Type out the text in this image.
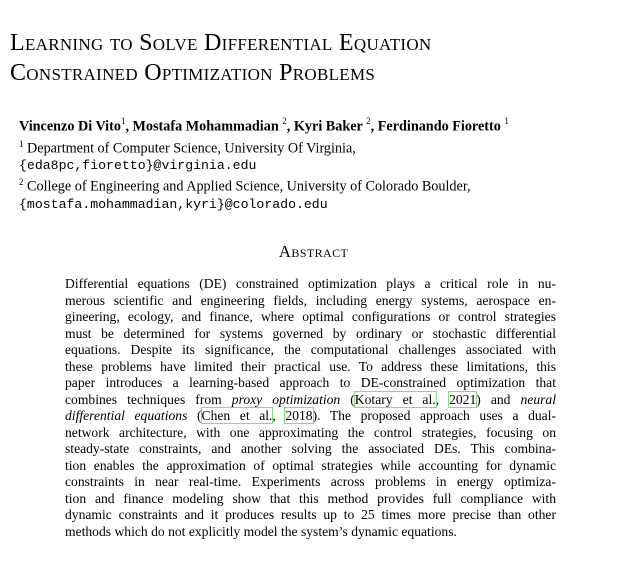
Learning to Solve Differential Equation
Constrained Optimization Problems
Vincenzo Di Vito$^1$, Mostafa Mohammadian $^2$, Kyri Baker $^2$, Ferdinando Fioretto $^1$
$^1$ Department of Computer Science, University Of Virginia,
{eda8pc,fioretto}@virginia.edu
$^2$ College of Engineering and Applied Science, University of Colorado Boulder,
{mostafa.mohammadian,kyri}@colorado.edu
Abstract
Differential equations (DE) constrained optimization plays a critical role in nu-
merous scientific and engineering fields, including energy systems, aerospace en-
gineering, ecology, and finance, where optimal configurations or control strategies
must be determined for systems governed by ordinary or stochastic differential
equations. Despite its significance, the computational challenges associated with
these problems have limited their practical use. To address these limitations, this
paper introduces a learning-based approach to DE-constrained optimization that
combines techniques from proxy optimization (Kotary et al., 2021) and neural
differential equations (Chen et al., 2018). The proposed approach uses a dual-
network architecture, with one approximating the control strategies, focusing on
steady-state constraints, and another solving the associated DEs. This combina-
tion enables the approximation of optimal strategies while accounting for dynamic
constraints in near real-time. Experiments across problems in energy optimiza-
tion and finance modeling show that this method provides full compliance with
dynamic constraints and it produces results up to 25 times more precise than other
methods which do not explicitly model the system’s dynamic equations.
